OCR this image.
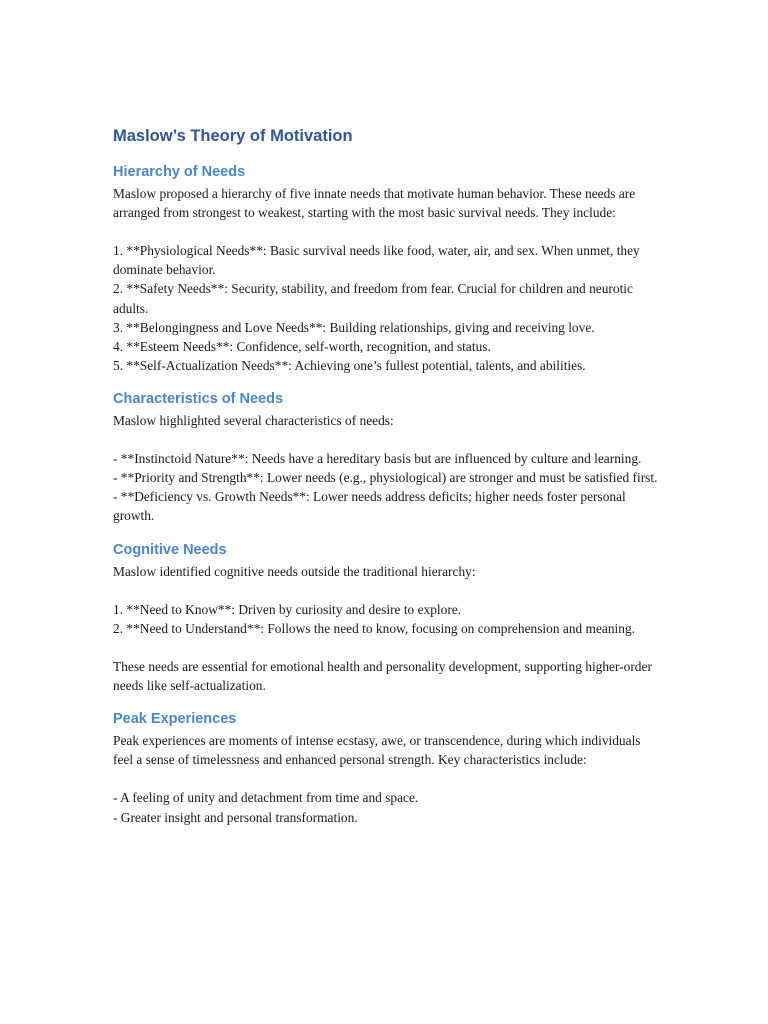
Maslow’s Theory of Motivation
Hierarchy of Needs

Maslow proposed a hierarchy of five innate needs that motivate human behavior. These needs are arranged from strongest to weakest, starting with the most basic survival needs. They include:

1. **Physiological Needs**: Basic survival needs like food, water, air, and sex. When unmet, they dominate behavior.

2. **Safety Needs**: Security, stability, and freedom from fear. Crucial for children and neurotic adults.

3. **Belongingness and Love Needs**: Building relationships, giving and receiving love.

4. **Esteem Needs**: Confidence, self-worth, recognition, and status.

5. **Self-Actualization Needs**: Achieving one’s fullest potential, talents, and abilities.

Characteristics of Needs

Maslow highlighted several characteristics of needs:

- **Instinctoid Nature**: Needs have a hereditary basis but are influenced by culture and learning.

- **Priority and Strength**: Lower needs (e.g., physiological) are stronger and must be satisfied first.

- **Deficiency vs. Growth Needs**: Lower needs address deficits; higher needs foster personal growth.

Cognitive Needs

Maslow identified cognitive needs outside the traditional hierarchy:

1. **Need to Know**: Driven by curiosity and desire to explore.

2. **Need to Understand**: Follows the need to know, focusing on comprehension and meaning.

These needs are essential for emotional health and personality development, supporting higher-order needs like self-actualization.

Peak Experiences

Peak experiences are moments of intense ecstasy, awe, or transcendence, during which individuals feel a sense of timelessness and enhanced personal strength. Key characteristics include:

- A feeling of unity and detachment from time and space.

- Greater insight and personal transformation.
